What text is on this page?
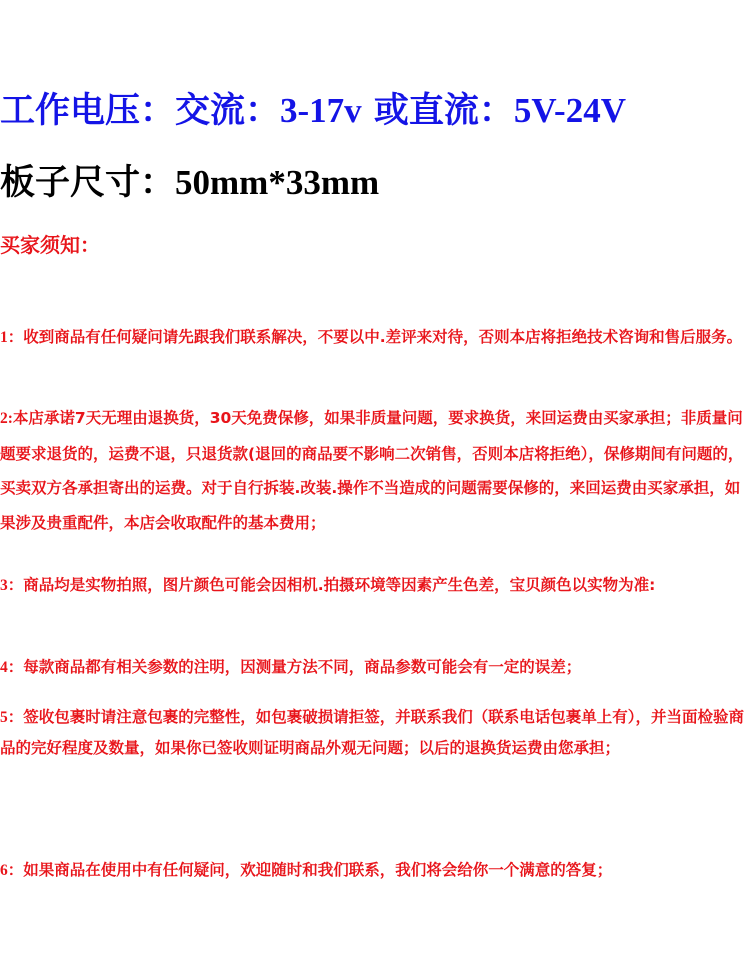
工作电压：交流：3-17v 或直流：5V-24V
板子尺寸：50mm*33mm
买家须知：

1：收到商品有任何疑问请先跟我们联系解决，不要以中.差评来对待，否则本店将拒绝技术咨询和售后服务。

2:本店承诺7天无理由退换货，30天免费保修，如果非质量问题，要求换货，来回运费由买家承担；非质量问题要求退货的，运费不退，只退货款(退回的商品要不影响二次销售，否则本店将拒绝），保修期间有问题的，买卖双方各承担寄出的运费。对于自行拆装.改装.操作不当造成的问题需要保修的，来回运费由买家承担，如果涉及贵重配件，本店会收取配件的基本费用；

3：商品均是实物拍照，图片颜色可能会因相机.拍摄环境等因素产生色差，宝贝颜色以实物为准:

4：每款商品都有相关参数的注明，因测量方法不同，商品参数可能会有一定的误差；

5：签收包裹时请注意包裹的完整性，如包裹破损请拒签，并联系我们（联系电话包裹单上有），并当面检验商品的完好程度及数量，如果你已签收则证明商品外观无问题；以后的退换货运费由您承担；

6：如果商品在使用中有任何疑问，欢迎随时和我们联系，我们将会给你一个满意的答复；
